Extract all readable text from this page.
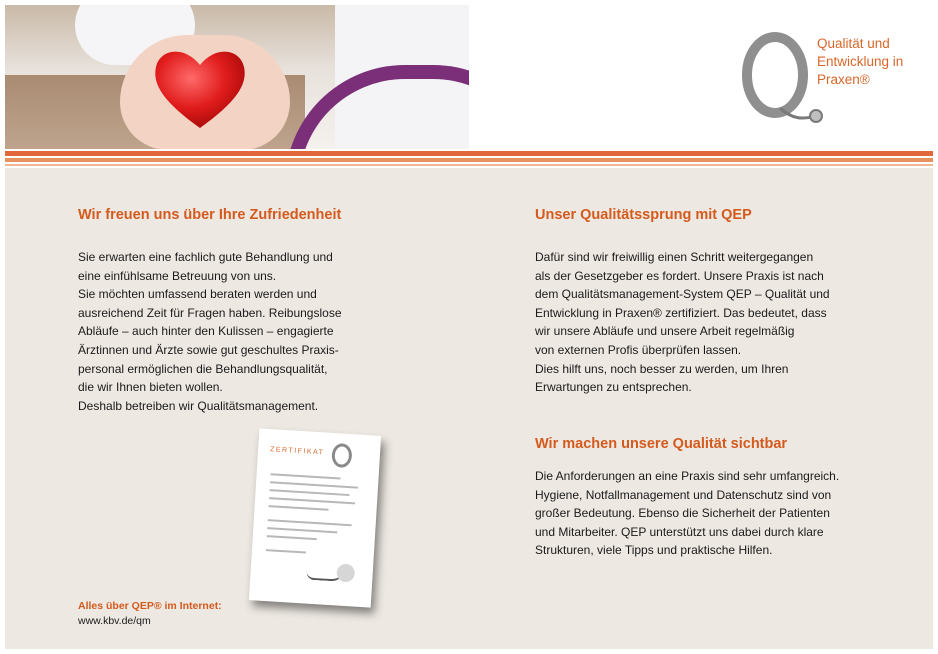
Qualität und
Entwicklung in
Praxen®
Wir freuen uns über Ihre Zufriedenheit
Sie erwarten eine fachlich gute Behandlung und
eine einfühlsame Betreuung von uns.
Sie möchten umfassend beraten werden und
ausreichend Zeit für Fragen haben. Reibungslose
Abläufe – auch hinter den Kulissen – engagierte
Ärztinnen und Ärzte sowie gut geschultes Praxis-
personal ermöglichen die Behandlungsqualität,
die wir Ihnen bieten wollen.
Deshalb betreiben wir Qualitätsmanagement.
ZERTIFIKAT
Alles über QEP® im Internet:
www.kbv.de/qm
Unser Qualitätssprung mit QEP
Dafür sind wir freiwillig einen Schritt weitergegangen
als der Gesetzgeber es fordert. Unsere Praxis ist nach
dem Qualitätsmanagement-System QEP – Qualität und
Entwicklung in Praxen® zertifiziert. Das bedeutet, dass
wir unsere Abläufe und unsere Arbeit regelmäßig
von externen Profis überprüfen lassen.
Dies hilft uns, noch besser zu werden, um Ihren
Erwartungen zu entsprechen.
Wir machen unsere Qualität sichtbar
Die Anforderungen an eine Praxis sind sehr umfangreich.
Hygiene, Notfallmanagement und Datenschutz sind von
großer Bedeutung. Ebenso die Sicherheit der Patienten
und Mitarbeiter. QEP unterstützt uns dabei durch klare
Strukturen, viele Tipps und praktische Hilfen.
